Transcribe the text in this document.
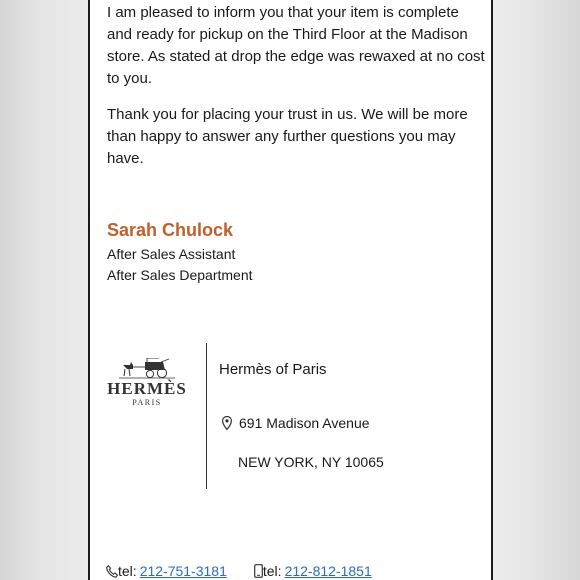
I am pleased to inform you that your item is complete and ready for pickup on the Third Floor at the Madison store. As stated at drop the edge was rewaxed at no cost to you.

Thank you for placing your trust in us. We will be more than happy to answer any further questions you may have.

Sarah Chulock
After Sales Assistant
After Sales Department
HERMÈS
PARIS
Hermès of Paris
691 Madison Avenue
NEW YORK, NY 10065
tel: 212-751-3181	tel: 212-812-1851
